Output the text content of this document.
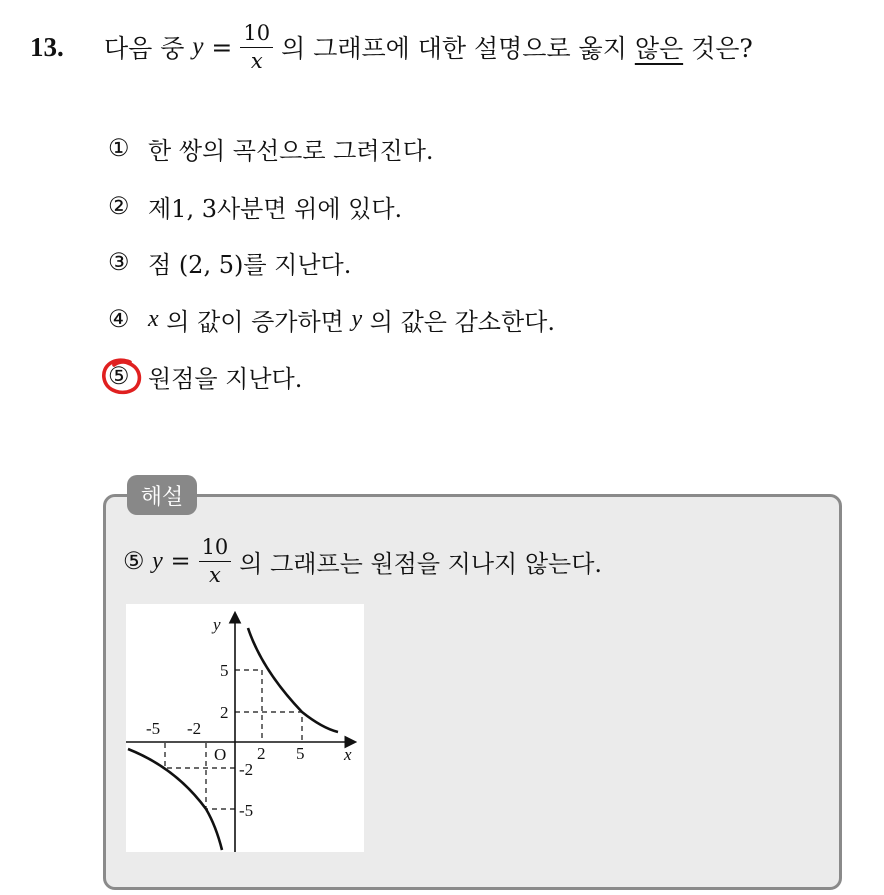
13.	다음 중
y
= $\frac{10}{x}$ 의 그래프에 대한 설명으로 옳지
않은
것은?
① 한 쌍의 곡선으로 그려진다.
② 제1, 3사분면 위에 있다.
③ 점 (2, 5)를 지난다.
④ x
의 값이 증가하면
y
의 값은 감소한다.
⑤ 원점을 지난다.
해설
⑤
y
= $\frac{10}{x}$ 의 그래프는 원점을 지나지 않는다.
y
x
O
-5 -2
2 5
5
2
-2
-5
